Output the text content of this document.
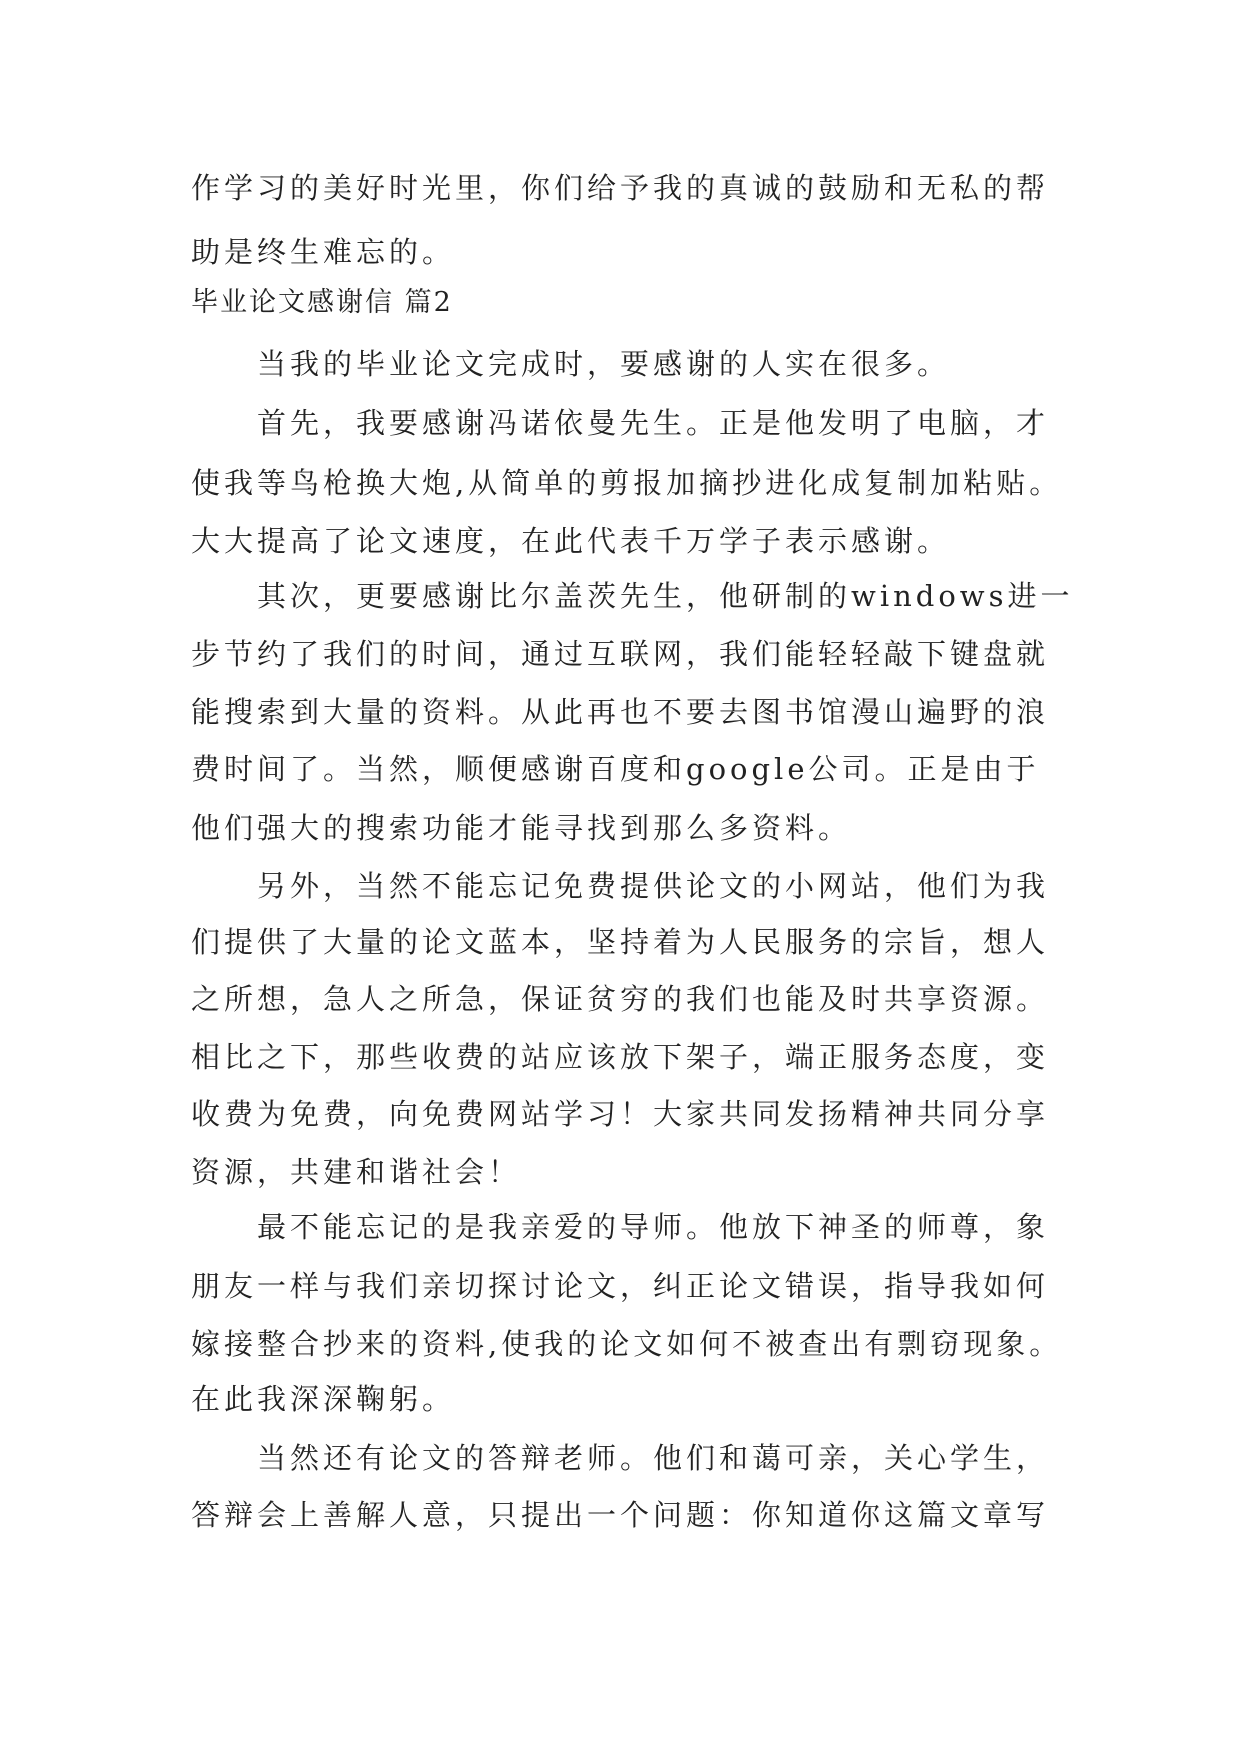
作学习的美好时光里，你们给予我的真诚的鼓励和无私的帮
助是终生难忘的。
毕业论文感谢信 篇2
　　当我的毕业论文完成时，要感谢的人实在很多。
　　首先，我要感谢冯诺依曼先生。正是他发明了电脑，才
使我等鸟枪换大炮,从简单的剪报加摘抄进化成复制加粘贴。
大大提高了论文速度，在此代表千万学子表示感谢。
　　其次，更要感谢比尔盖茨先生，他研制的windows进一
步节约了我们的时间，通过互联网，我们能轻轻敲下键盘就
能搜索到大量的资料。从此再也不要去图书馆漫山遍野的浪
费时间了。当然，顺便感谢百度和google公司。正是由于
他们强大的搜索功能才能寻找到那么多资料。
　　另外，当然不能忘记免费提供论文的小网站，他们为我
们提供了大量的论文蓝本，坚持着为人民服务的宗旨，想人
之所想，急人之所急，保证贫穷的我们也能及时共享资源。
相比之下，那些收费的站应该放下架子，端正服务态度，变
收费为免费，向免费网站学习！大家共同发扬精神共同分享
资源，共建和谐社会！
　　最不能忘记的是我亲爱的导师。他放下神圣的师尊，象
朋友一样与我们亲切探讨论文，纠正论文错误，指导我如何
嫁接整合抄来的资料,使我的论文如何不被查出有剽窃现象。
在此我深深鞠躬。
　　当然还有论文的答辩老师。他们和蔼可亲，关心学生，
答辩会上善解人意，只提出一个问题：你知道你这篇文章写
